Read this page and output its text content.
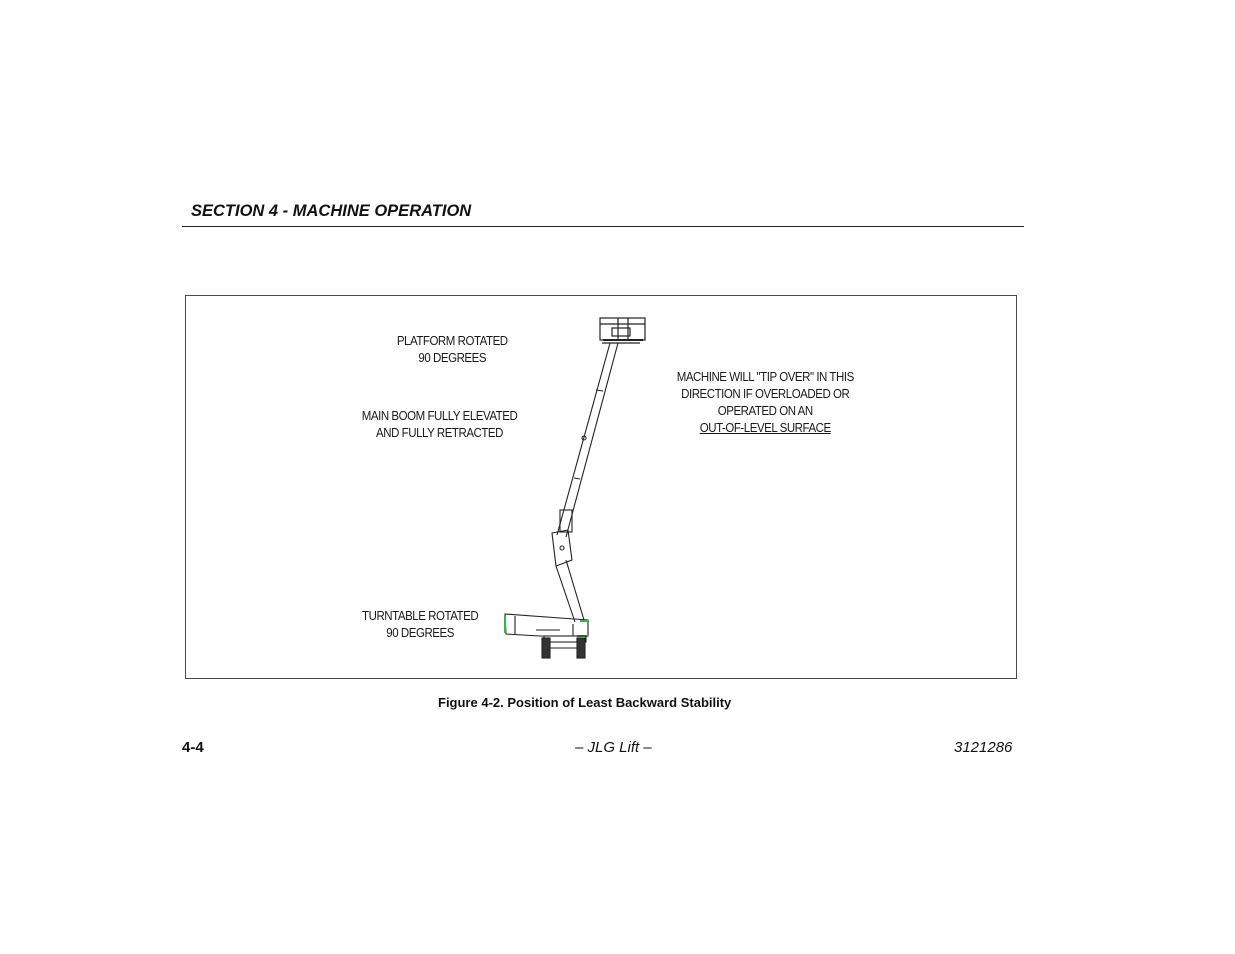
SECTION 4 - MACHINE OPERATION
PLATFORM ROTATED
90 DEGREES
MAIN BOOM FULLY ELEVATED
AND FULLY RETRACTED
TURNTABLE ROTATED
90 DEGREES
MACHINE WILL "TIP OVER" IN THIS
DIRECTION IF OVERLOADED OR
OPERATED ON AN
OUT-OF-LEVEL SURFACE
Figure 4-2. Position of Least Backward Stability
4-4	– JLG Lift –	3121286
